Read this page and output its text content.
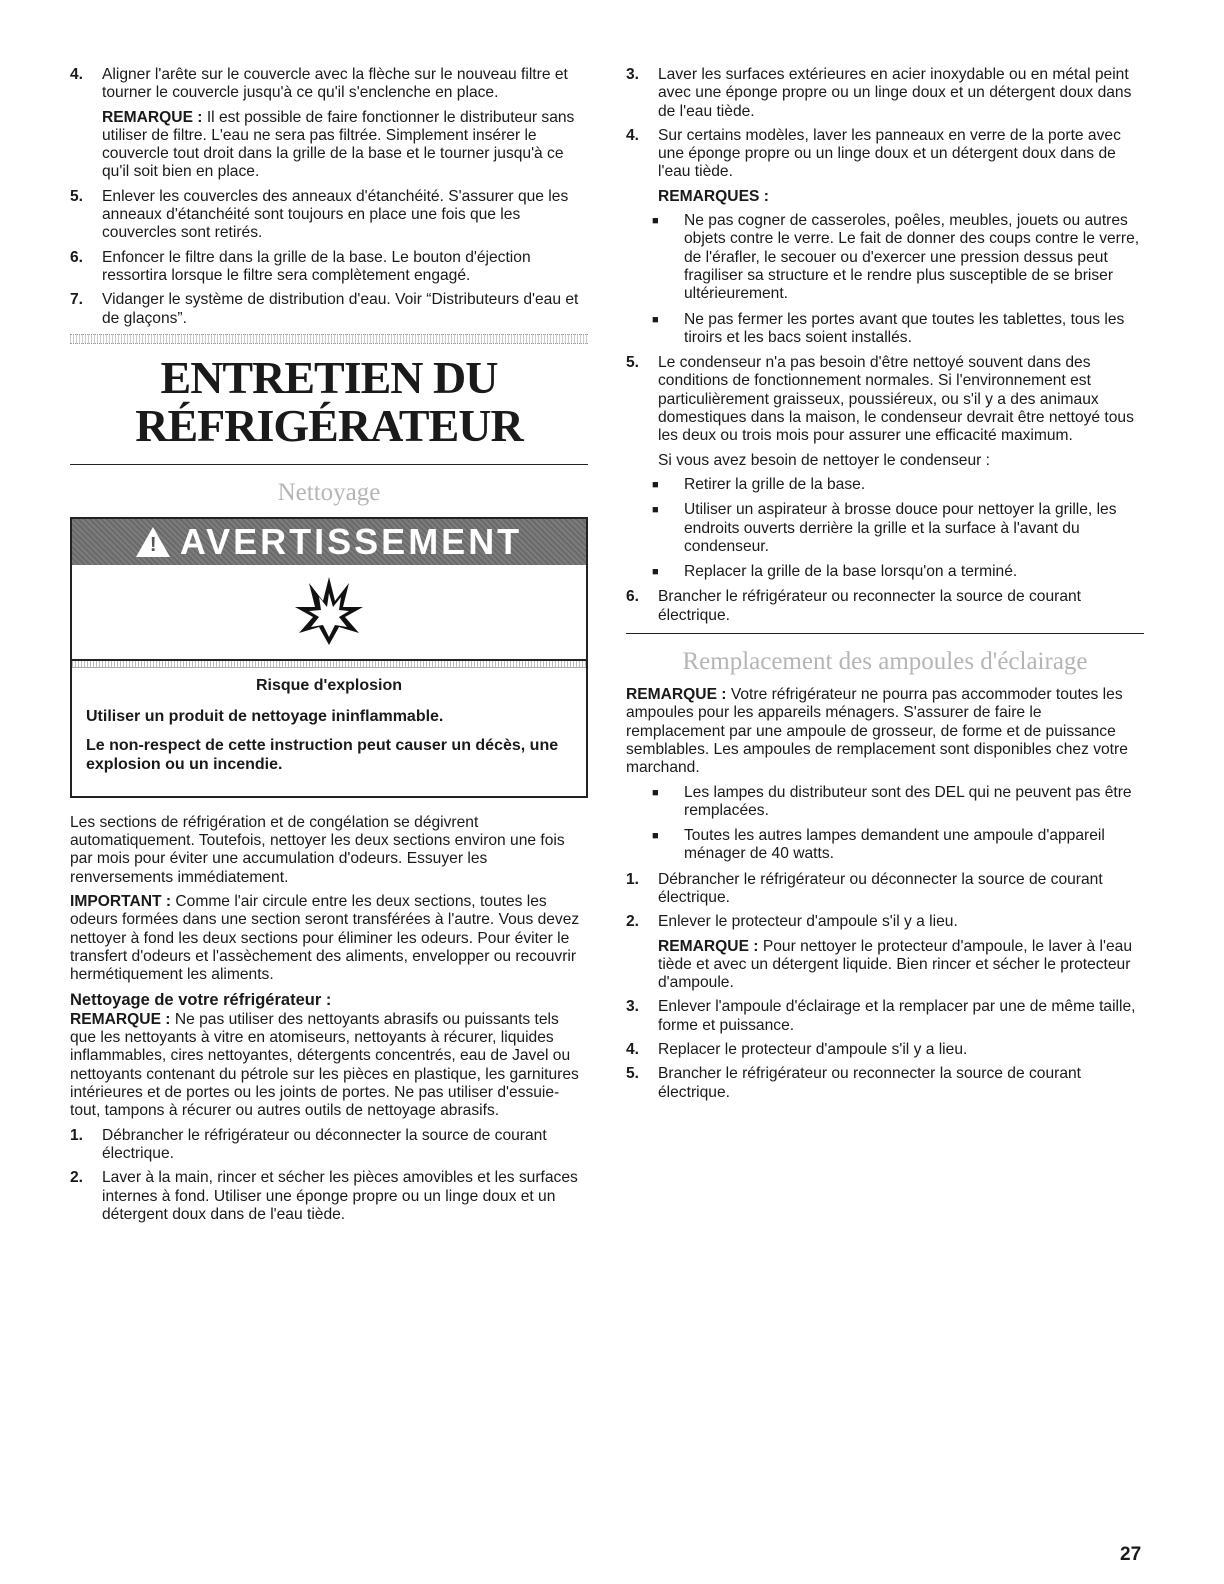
4.	Aligner l'arête sur le couvercle avec la flèche sur le nouveau filtre et tourner le couvercle jusqu'à ce qu'il s'enclenche en place.
REMARQUE : Il est possible de faire fonctionner le distributeur sans utiliser de filtre. L'eau ne sera pas filtrée. Simplement insérer le couvercle tout droit dans la grille de la base et le tourner jusqu'à ce qu'il soit bien en place.
5.	Enlever les couvercles des anneaux d'étanchéité. S'assurer que les anneaux d'étanchéité sont toujours en place une fois que les couvercles sont retirés.
6.	Enfoncer le filtre dans la grille de la base. Le bouton d'éjection ressortira lorsque le filtre sera complètement engagé.
7.	Vidanger le système de distribution d'eau. Voir “Distributeurs d'eau et de glaçons”.
ENTRETIEN DU
RÉFRIGÉRATEUR
Nettoyage
! AVERTISSEMENT
Risque d'explosion

Utiliser un produit de nettoyage ininflammable.

Le non-respect de cette instruction peut causer un décès, une explosion ou un incendie.

Les sections de réfrigération et de congélation se dégivrent automatiquement. Toutefois, nettoyer les deux sections environ une fois par mois pour éviter une accumulation d'odeurs. Essuyer les renversements immédiatement.

IMPORTANT : Comme l'air circule entre les deux sections, toutes les odeurs formées dans une section seront transférées à l'autre. Vous devez nettoyer à fond les deux sections pour éliminer les odeurs. Pour éviter le transfert d'odeurs et l'assèchement des aliments, envelopper ou recouvrir hermétiquement les aliments.

Nettoyage de votre réfrigérateur :

REMARQUE : Ne pas utiliser des nettoyants abrasifs ou puissants tels que les nettoyants à vitre en atomiseurs, nettoyants à récurer, liquides inflammables, cires nettoyantes, détergents concentrés, eau de Javel ou nettoyants contenant du pétrole sur les pièces en plastique, les garnitures intérieures et de portes ou les joints de portes. Ne pas utiliser d'essuie-tout, tampons à récurer ou autres outils de nettoyage abrasifs.

1.	Débrancher le réfrigérateur ou déconnecter la source de courant électrique.
2.	Laver à la main, rincer et sécher les pièces amovibles et les surfaces internes à fond. Utiliser une éponge propre ou un linge doux et un détergent doux dans de l'eau tiède.
3.	Laver les surfaces extérieures en acier inoxydable ou en métal peint avec une éponge propre ou un linge doux et un détergent doux dans de l'eau tiède.
4.	Sur certains modèles, laver les panneaux en verre de la porte avec une éponge propre ou un linge doux et un détergent doux dans de l'eau tiède.
REMARQUES :
■	Ne pas cogner de casseroles, poêles, meubles, jouets ou autres objets contre le verre. Le fait de donner des coups contre le verre, de l'érafler, le secouer ou d'exercer une pression dessus peut fragiliser sa structure et le rendre plus susceptible de se briser ultérieurement.
■	Ne pas fermer les portes avant que toutes les tablettes, tous les tiroirs et les bacs soient installés.
5.	Le condenseur n'a pas besoin d'être nettoyé souvent dans des conditions de fonctionnement normales. Si l'environnement est particulièrement graisseux, poussiéreux, ou s'il y a des animaux domestiques dans la maison, le condenseur devrait être nettoyé tous les deux ou trois mois pour assurer une efficacité maximum.
Si vous avez besoin de nettoyer le condenseur :
■	Retirer la grille de la base.
■	Utiliser un aspirateur à brosse douce pour nettoyer la grille, les endroits ouverts derrière la grille et la surface à l'avant du condenseur.
■	Replacer la grille de la base lorsqu'on a terminé.
6.	Brancher le réfrigérateur ou reconnecter la source de courant électrique.
Remplacement des ampoules d'éclairage

REMARQUE : Votre réfrigérateur ne pourra pas accommoder toutes les ampoules pour les appareils ménagers. S'assurer de faire le remplacement par une ampoule de grosseur, de forme et de puissance semblables. Les ampoules de remplacement sont disponibles chez votre marchand.

■	Les lampes du distributeur sont des DEL qui ne peuvent pas être remplacées.
■	Toutes les autres lampes demandent une ampoule d'appareil ménager de 40 watts.
1.	Débrancher le réfrigérateur ou déconnecter la source de courant électrique.
2.	Enlever le protecteur d'ampoule s'il y a lieu.
REMARQUE : Pour nettoyer le protecteur d'ampoule, le laver à l'eau tiède et avec un détergent liquide. Bien rincer et sécher le protecteur d'ampoule.
3.	Enlever l'ampoule d'éclairage et la remplacer par une de même taille, forme et puissance.
4.	Replacer le protecteur d'ampoule s'il y a lieu.
5.	Brancher le réfrigérateur ou reconnecter la source de courant électrique.
27
